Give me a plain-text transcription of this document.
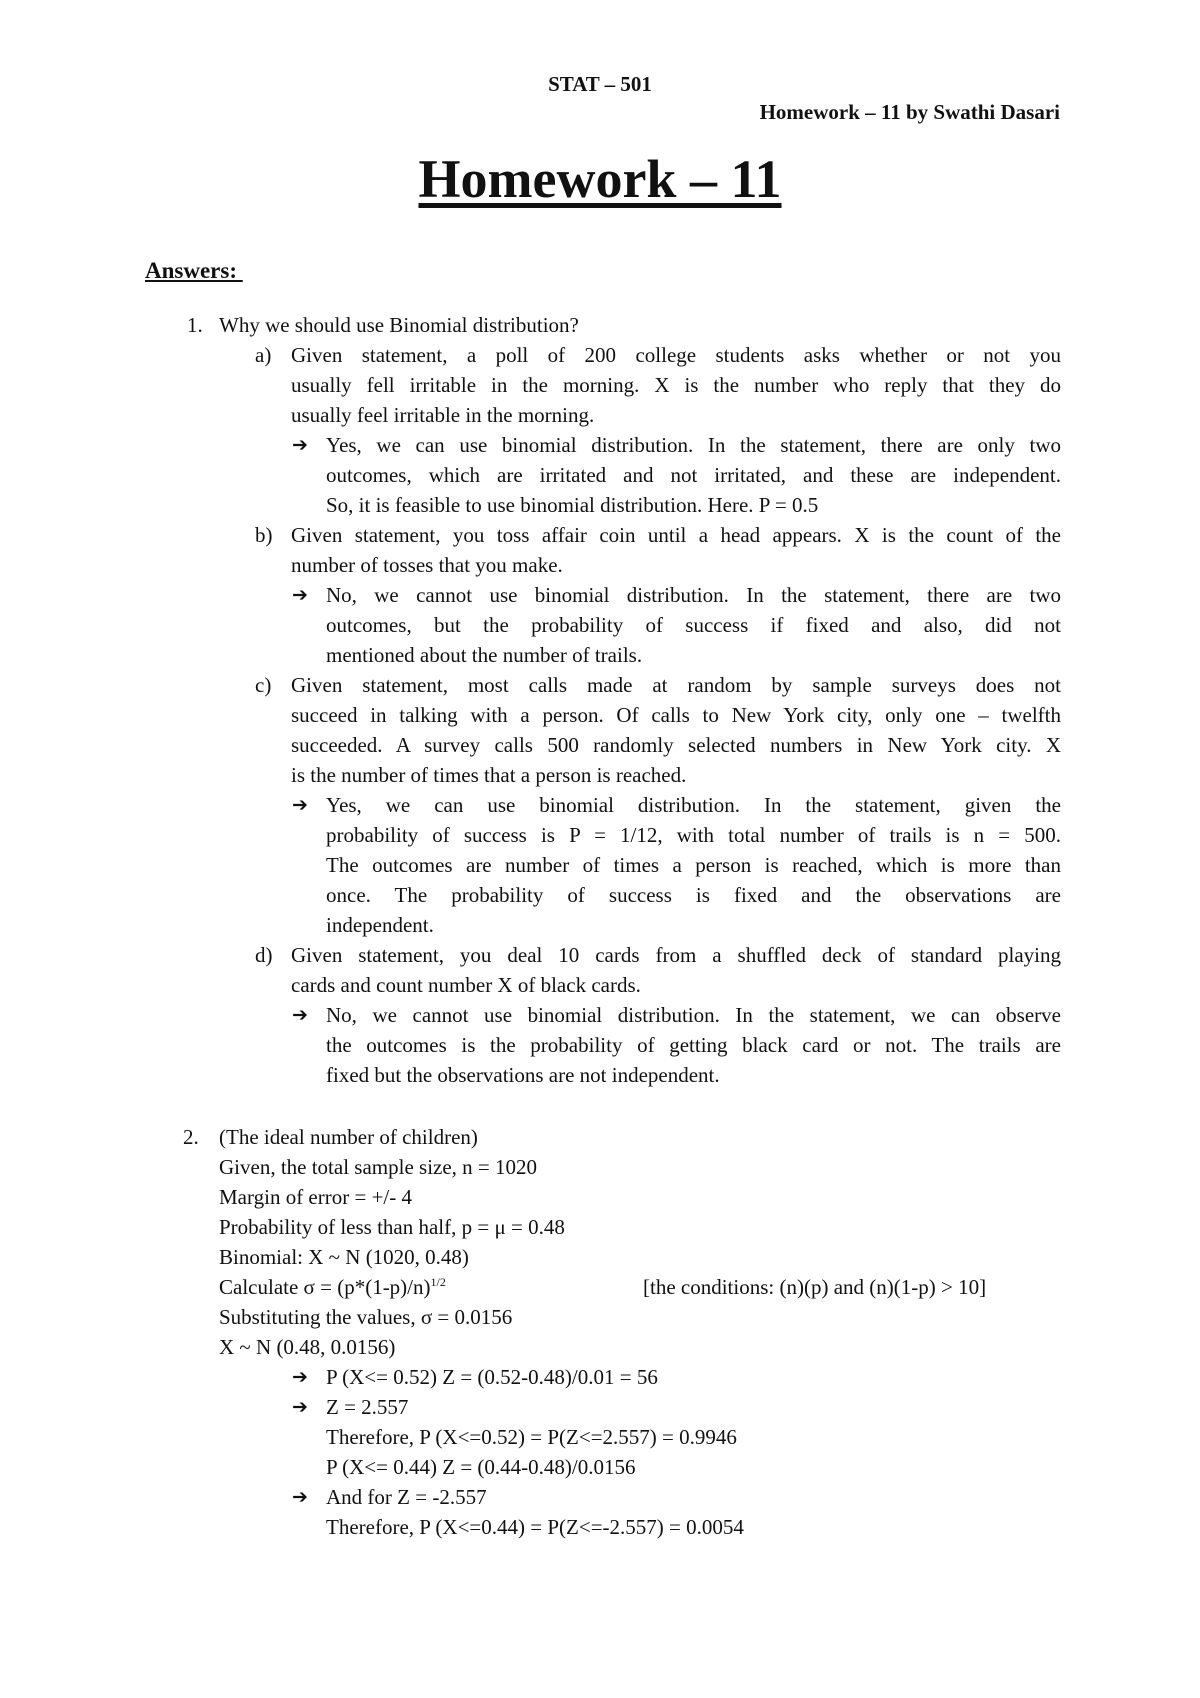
STAT – 501
Homework – 11 by Swathi Dasari
Homework – 11
Answers:
1. Why we should use Binomial distribution?
a) Given statement, a poll of 200 college students asks whether or not you
usually fell irritable in the morning. X is the number who reply that they do
usually feel irritable in the morning.
➔ Yes, we can use binomial distribution. In the statement, there are only two
outcomes, which are irritated and not irritated, and these are independent.
So, it is feasible to use binomial distribution. Here. P = 0.5
b) Given statement, you toss affair coin until a head appears. X is the count of the
number of tosses that you make.
➔ No, we cannot use binomial distribution. In the statement, there are two
outcomes, but the probability of success if fixed and also, did not
mentioned about the number of trails.
c) Given statement, most calls made at random by sample surveys does not
succeed in talking with a person. Of calls to New York city, only one – twelfth
succeeded. A survey calls 500 randomly selected numbers in New York city. X
is the number of times that a person is reached.
➔ Yes, we can use binomial distribution. In the statement, given the
probability of success is P = 1/12, with total number of trails is n = 500.
The outcomes are number of times a person is reached, which is more than
once. The probability of success is fixed and the observations are
independent.
d) Given statement, you deal 10 cards from a shuffled deck of standard playing
cards and count number X of black cards.
➔ No, we cannot use binomial distribution. In the statement, we can observe
the outcomes is the probability of getting black card or not. The trails are
fixed but the observations are not independent.
2. (The ideal number of children)
Given, the total sample size, n = 1020
Margin of error = +/- 4
Probability of less than half, p = μ = 0.48
Binomial: X ~ N (1020, 0.48)
Calculate $\sigma = (p*(1-p)/n)^{1/2}$	[the conditions: (n)(p) and (n)(1-p) > 10]
Substituting the values, σ = 0.0156
X ~ N (0.48, 0.0156)
➔ P (X<= 0.52) Z = (0.52-0.48)/0.01 = 56
➔ Z = 2.557
Therefore, P (X<=0.52) = P(Z<=2.557) = 0.9946
P (X<= 0.44) Z = (0.44-0.48)/0.0156
➔ And for Z = -2.557
Therefore, P (X<=0.44) = P(Z<=-2.557) = 0.0054
